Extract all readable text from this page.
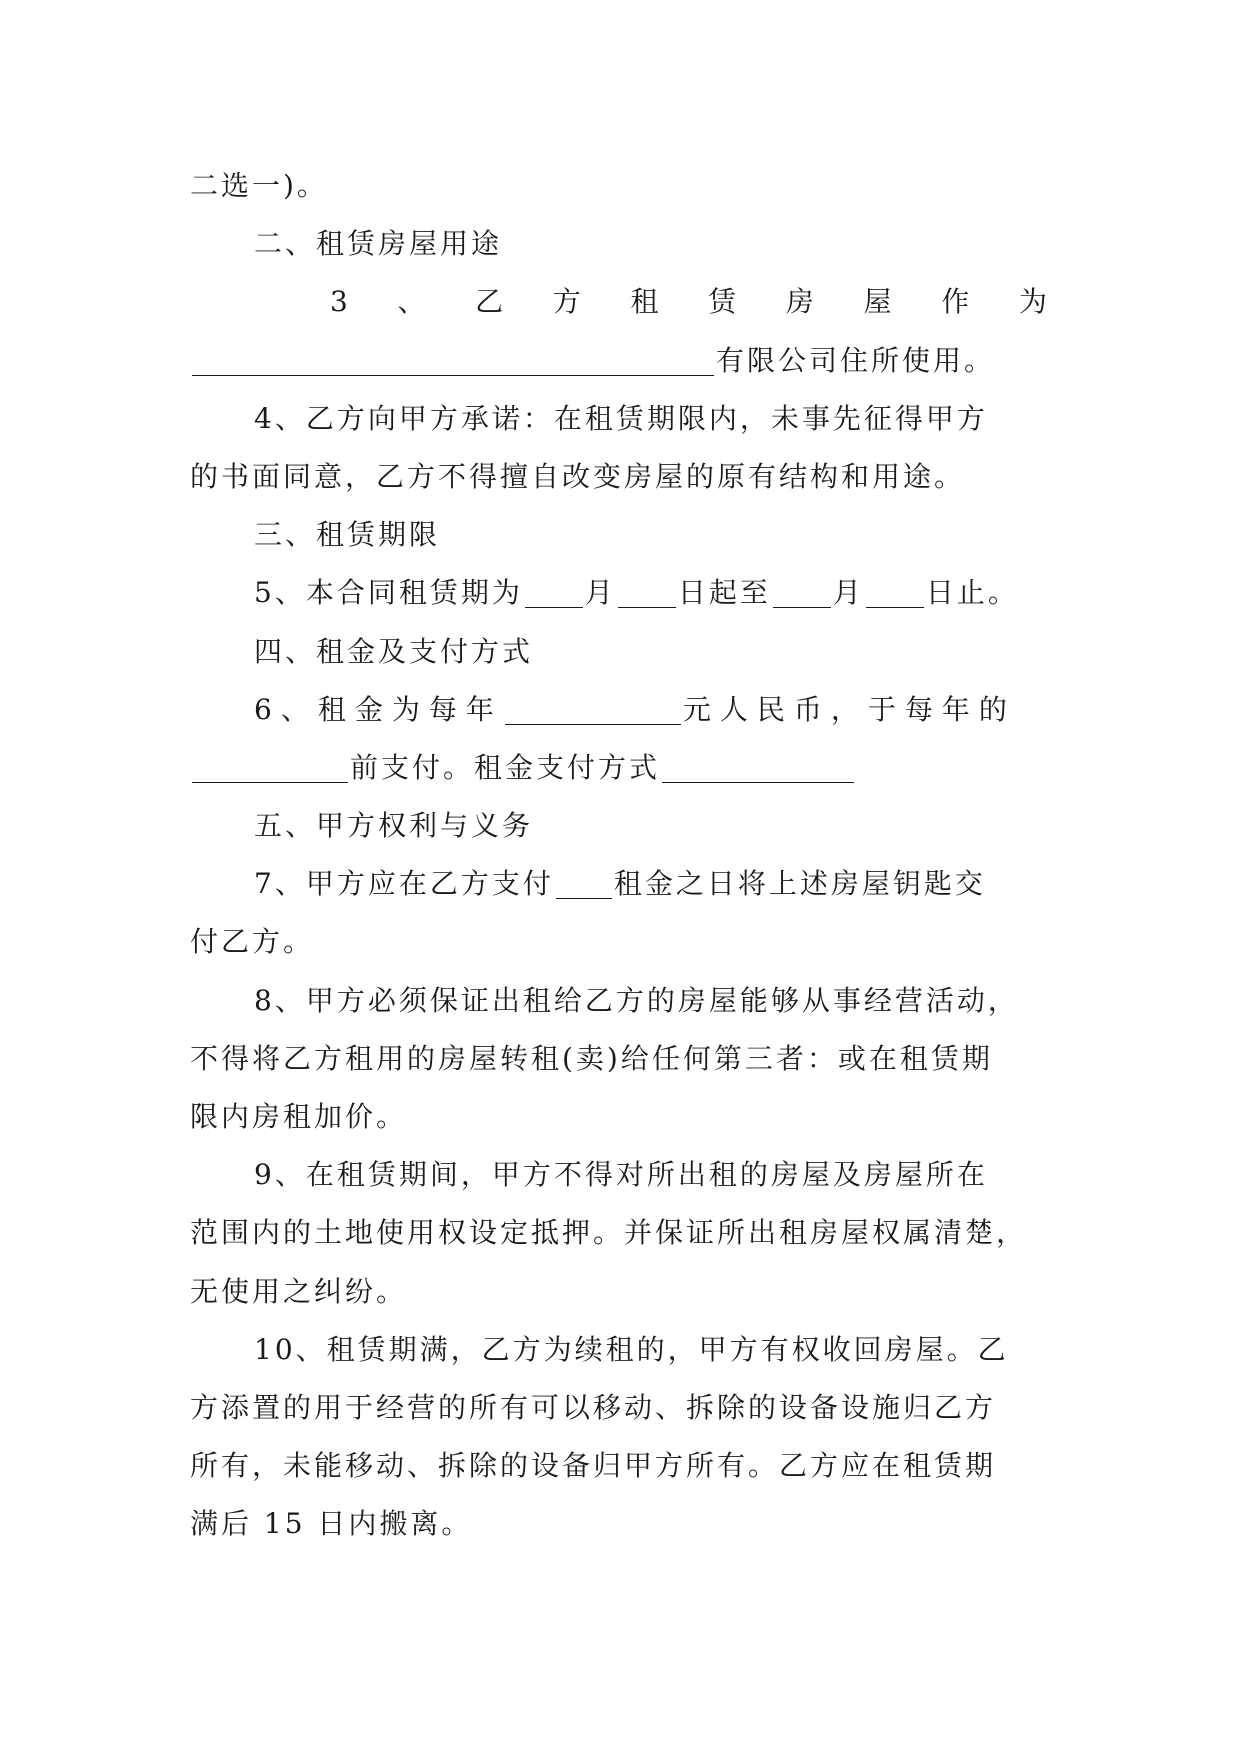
二选一)。
二、租赁房屋用途
3 、 乙 方 租 赁 房 屋 作 为
有限公司住所使用。
4、乙方向甲方承诺：在租赁期限内，未事先征得甲方
的书面同意，乙方不得擅自改变房屋的原有结构和用途。
三、租赁期限
5、本合同租赁期为 月 日起至 月 日止。
四、租金及支付方式
6、租金为每年	元人民币，于每年的
前支付。租金支付方式
五、甲方权利与义务
7、甲方应在乙方支付 租金之日将上述房屋钥匙交
付乙方。
8、甲方必须保证出租给乙方的房屋能够从事经营活动，
不得将乙方租用的房屋转租(卖)给任何第三者：或在租赁期
限内房租加价。
9、在租赁期间，甲方不得对所出租的房屋及房屋所在
范围内的土地使用权设定抵押。并保证所出租房屋权属清楚，
无使用之纠纷。
10、租赁期满，乙方为续租的，甲方有权收回房屋。乙
方添置的用于经营的所有可以移动、拆除的设备设施归乙方
所有，未能移动、拆除的设备归甲方所有。乙方应在租赁期
满后 15 日内搬离。
